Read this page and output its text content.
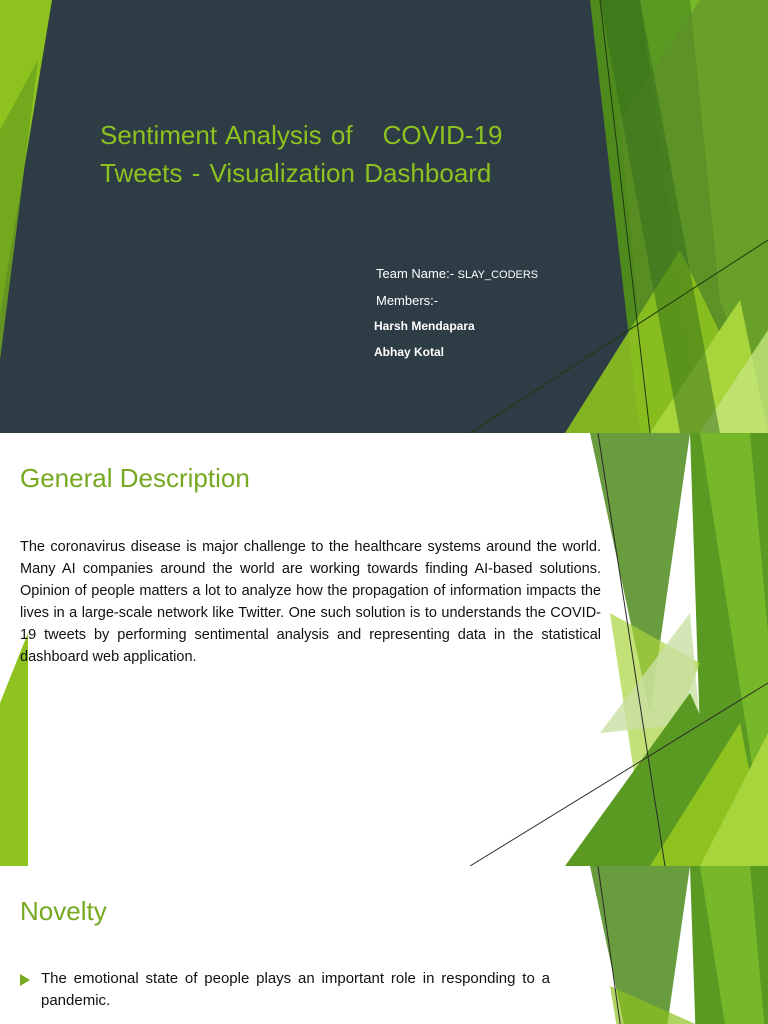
Sentiment Analysis of COVID-19
Tweets - Visualization Dashboard
Team Name:- SLAY_CODERS
Members:-
Harsh Mendapara
Abhay Kotal
General Description

The coronavirus disease is major challenge to the healthcare systems around the world. Many AI companies around the world are working towards finding AI-based solutions. Opinion of people matters a lot to analyze how the propagation of information impacts the lives in a large-scale network like Twitter. One such solution is to understands the COVID-19 tweets by performing sentimental analysis and representing data in the statistical dashboard web application.

Novelty
The emotional state of people plays an important role in responding to a pandemic.
